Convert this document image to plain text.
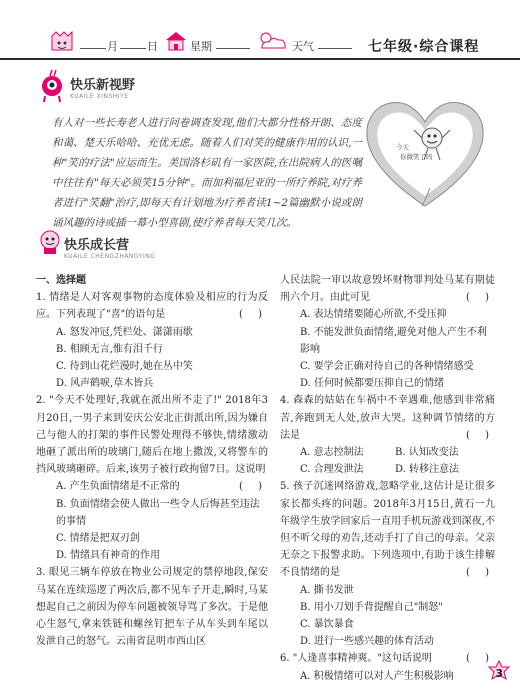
月	日	星期	天气	七年级·综合课程
快乐新视野
KUAILE XINSHIYE
有人对一些长寿老人进行问卷调查发现,他们大都分性格开朗、态度和蔼、楚天乐哈哈、充优无虑。随着人们对笑的健康作用的认识,一种"笑的疗法"应运而生。美国洛杉矶有一家医院,在出院病人的医嘱中往往有"每天必须笑15分钟"。而加利福尼亚的一所疗养院,对疗养者进行"笑翻"治疗,即每天有计划地为疗养者读1~2篇幽默小说或朗诵风趣的诗或插一幕小型喜剧,使疗养者每天笑几次。
今天
你微笑了吗
快乐成长营
KUAILE CHENGZHANGYING
一、选择题
1. 情绪是人对客观事物的态度体验及相应的行为反应。下列表现了"喜"的语句是	( )
A. 怒发冲冠,凭栏处、潇潇雨歇
B. 相顾无言,惟有泪千行
C. 待到山花烂漫时,她在丛中笑
D. 风声鹤唳,草木皆兵
2. "今天不处理好,我就在派出所不走了!" 2018年3月20日,一男子来到安庆公安北正街派出所,因为嫌自己与他人的打架的事件民警处理得不够快,情绪激动地砸了派出所的玻璃门,随后在地上撒泼,又将警车的挡风玻璃砸碎。后来,该男子被行政拘留7日。这说明
( )
A. 产生负面情绪是不正常的
B. 负面情绪会使人做出一些令人后悔甚至违法的事情
C. 情绪是把双刃剑
D. 情绪具有神奇的作用
3. 眼见三辆车停放在物业公司规定的禁停地段,保安马某在连续巡逻了两次后,都不见车子开走,瞬时,马某想起自己之前因为停车问题被领导骂了多次。于是他心生怒气,拿来铁链和螺丝钉把车子从车头到车尾以发泄自己的怒气。云南省昆明市西山区
人民法院一审以故意毁坏财物罪判处马某有期徒刑六个月。由此可见	( )
A. 表达情绪要随心所欲,不受压抑
B. 不能发泄负面情绪,避免对他人产生不利影响
C. 要学会正确对待自己的各种情绪感受
D. 任何时候都要压抑自己的情绪
4. 森森的姑姑在车祸中不幸遇难,他感到非常痛苦,奔跑到无人处,放声大哭。这种调节情绪的方法是	( )
A. 意志控制法	B. 认知改变法
C. 合理发泄法	D. 转移注意法
5. 孩子沉迷网络游戏,忽略学业,这估计是让很多家长都头疼的问题。2018年3月15日,黄石一九年级学生放学回家后一直用手机玩游戏到深夜,不但不听父母的劝告,还动手打了自己的母亲。父亲无奈之下报警求助。下列选项中,有助于该生排解不良情绪的是	( )
A. 撕书发泄
B. 用小刀划手背提醒自己"制怒"
C. 暴饮暴食
D. 进行一些感兴趣的体育活动
6. "人逢喜事精神爽。"这句话说明	( )
A. 积极情绪可以对人产生积极影响	3
